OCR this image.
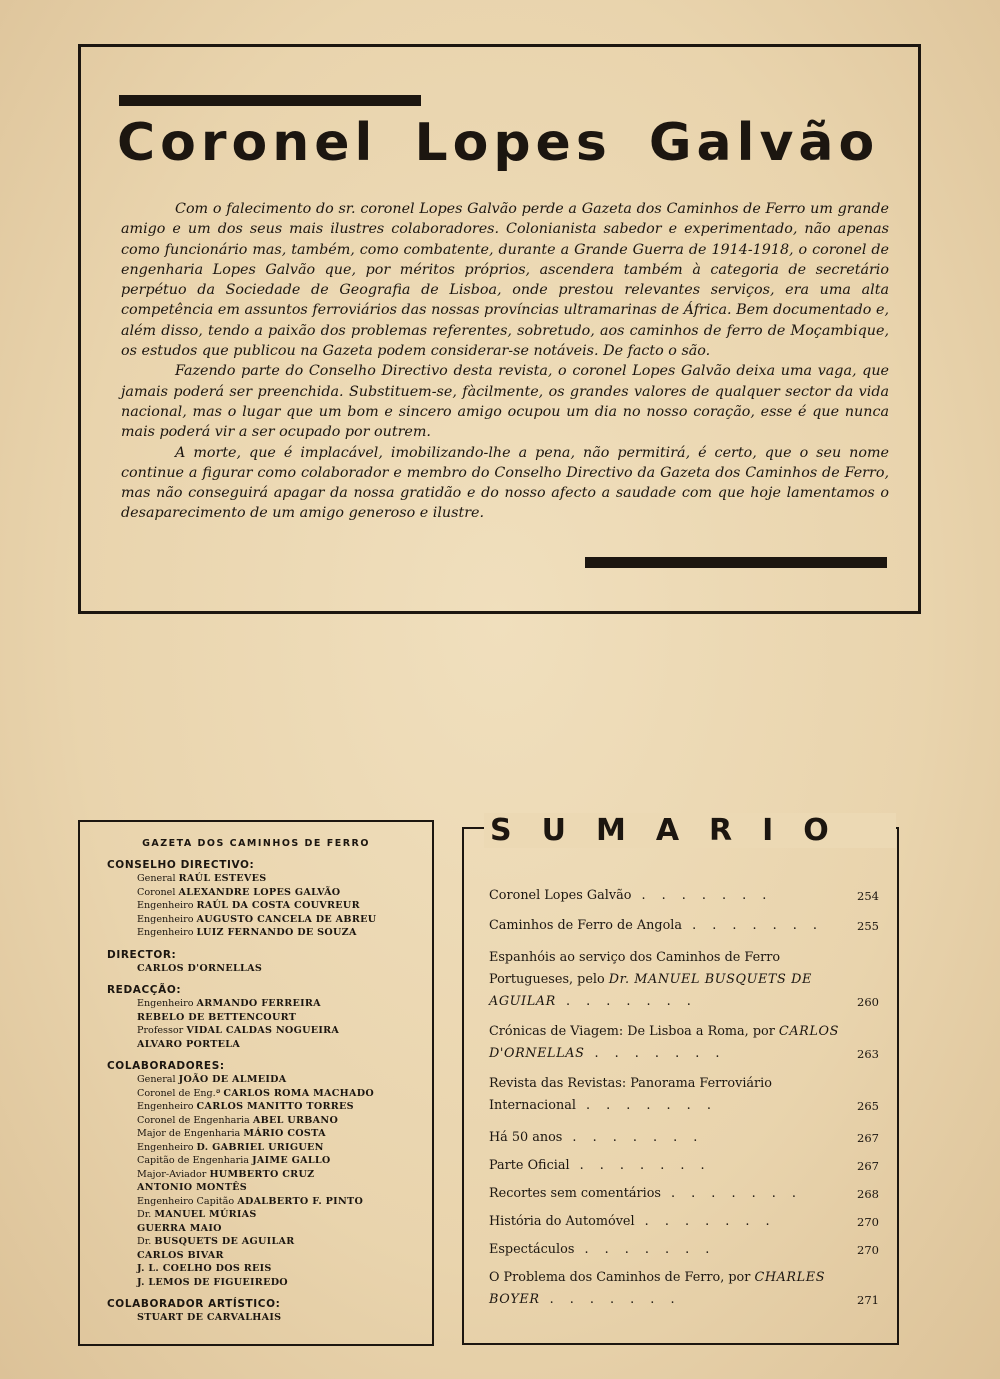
Coronel Lopes Galvão

Com o falecimento do sr. coronel Lopes Galvão perde a Gazeta dos Caminhos de Ferro um grande amigo e um dos seus mais ilustres colaboradores. Colonianista sabedor e experimentado, não apenas como funcionário mas, também, como combatente, durante a Grande Guerra de 1914-1918, o coronel de engenharia Lopes Galvão que, por méritos próprios, ascendera também à categoria de secretário perpétuo da Sociedade de Geografia de Lisboa, onde prestou relevantes serviços, era uma alta competência em assuntos ferroviários das nossas províncias ultramarinas de África. Bem documentado e, além disso, tendo a paixão dos problemas referentes, sobretudo, aos caminhos de ferro de Moçambique, os estudos que publicou na Gazeta podem considerar-se notáveis. De facto o são.

Fazendo parte do Conselho Directivo desta revista, o coronel Lopes Galvão deixa uma vaga, que jamais poderá ser preenchida. Substituem-se, fàcilmente, os grandes valores de qualquer sector da vida nacional, mas o lugar que um bom e sincero amigo ocupou um dia no nosso coração, esse é que nunca mais poderá vir a ser ocupado por outrem.

A morte, que é implacável, imobilizando-lhe a pena, não permitirá, é certo, que o seu nome continue a figurar como colaborador e membro do Conselho Directivo da Gazeta dos Caminhos de Ferro, mas não conseguirá apagar da nossa gratidão e do nosso afecto a saudade com que hoje lamentamos o desaparecimento de um amigo generoso e ilustre.

GAZETA DOS CAMINHOS DE FERRO

CONSELHO DIRECTIVO:

General RAÚL ESTEVES

Coronel ALEXANDRE LOPES GALVÃO

Engenheiro RAÚL DA COSTA COUVREUR

Engenheiro AUGUSTO CANCELA DE ABREU

Engenheiro LUIZ FERNANDO DE SOUZA

DIRECTOR:

CARLOS D'ORNELLAS

REDACÇÃO:

Engenheiro ARMANDO FERREIRA

REBELO DE BETTENCOURT

Professor VIDAL CALDAS NOGUEIRA

ALVARO PORTELA

COLABORADORES:

General JOÃO DE ALMEIDA

Coronel de Eng.ª CARLOS ROMA MACHADO

Engenheiro CARLOS MANITTO TORRES

Coronel de Engenharia ABEL URBANO

Major de Engenharia MÁRIO COSTA

Engenheiro D. GABRIEL URIGUEN

Capitão de Engenharia JAIME GALLO

Major-Aviador HUMBERTO CRUZ

ANTONIO MONTÊS

Engenheiro Capitão ADALBERTO F. PINTO

Dr. MANUEL MÚRIAS

GUERRA MAIO

Dr. BUSQUETS DE AGUILAR

CARLOS BIVAR

J. L. COELHO DOS REIS

J. LEMOS DE FIGUEIREDO

COLABORADOR ARTÍSTICO:

STUART DE CARVALHAIS

SUMARIO
Coronel Lopes Galvão . . . . . . .	254
Caminhos de Ferro de Angola . . . . . . .	255
Espanhóis ao serviço dos Caminhos de Ferro Portugueses, pelo Dr. MANUEL BUSQUETS DE AGUILAR . . . . . . .	260
Crónicas de Viagem: De Lisboa a Roma, por CARLOS D'ORNELLAS . . . . . . .	263
Revista das Revistas: Panorama Ferroviário Internacional . . . . . . .	265
Há 50 anos . . . . . . .	267
Parte Oficial . . . . . . .	267
Recortes sem comentários . . . . . . .	268
História do Automóvel . . . . . . .	270
Espectáculos . . . . . . .	270
O Problema dos Caminhos de Ferro, por CHARLES BOYER . . . . . . .	271
